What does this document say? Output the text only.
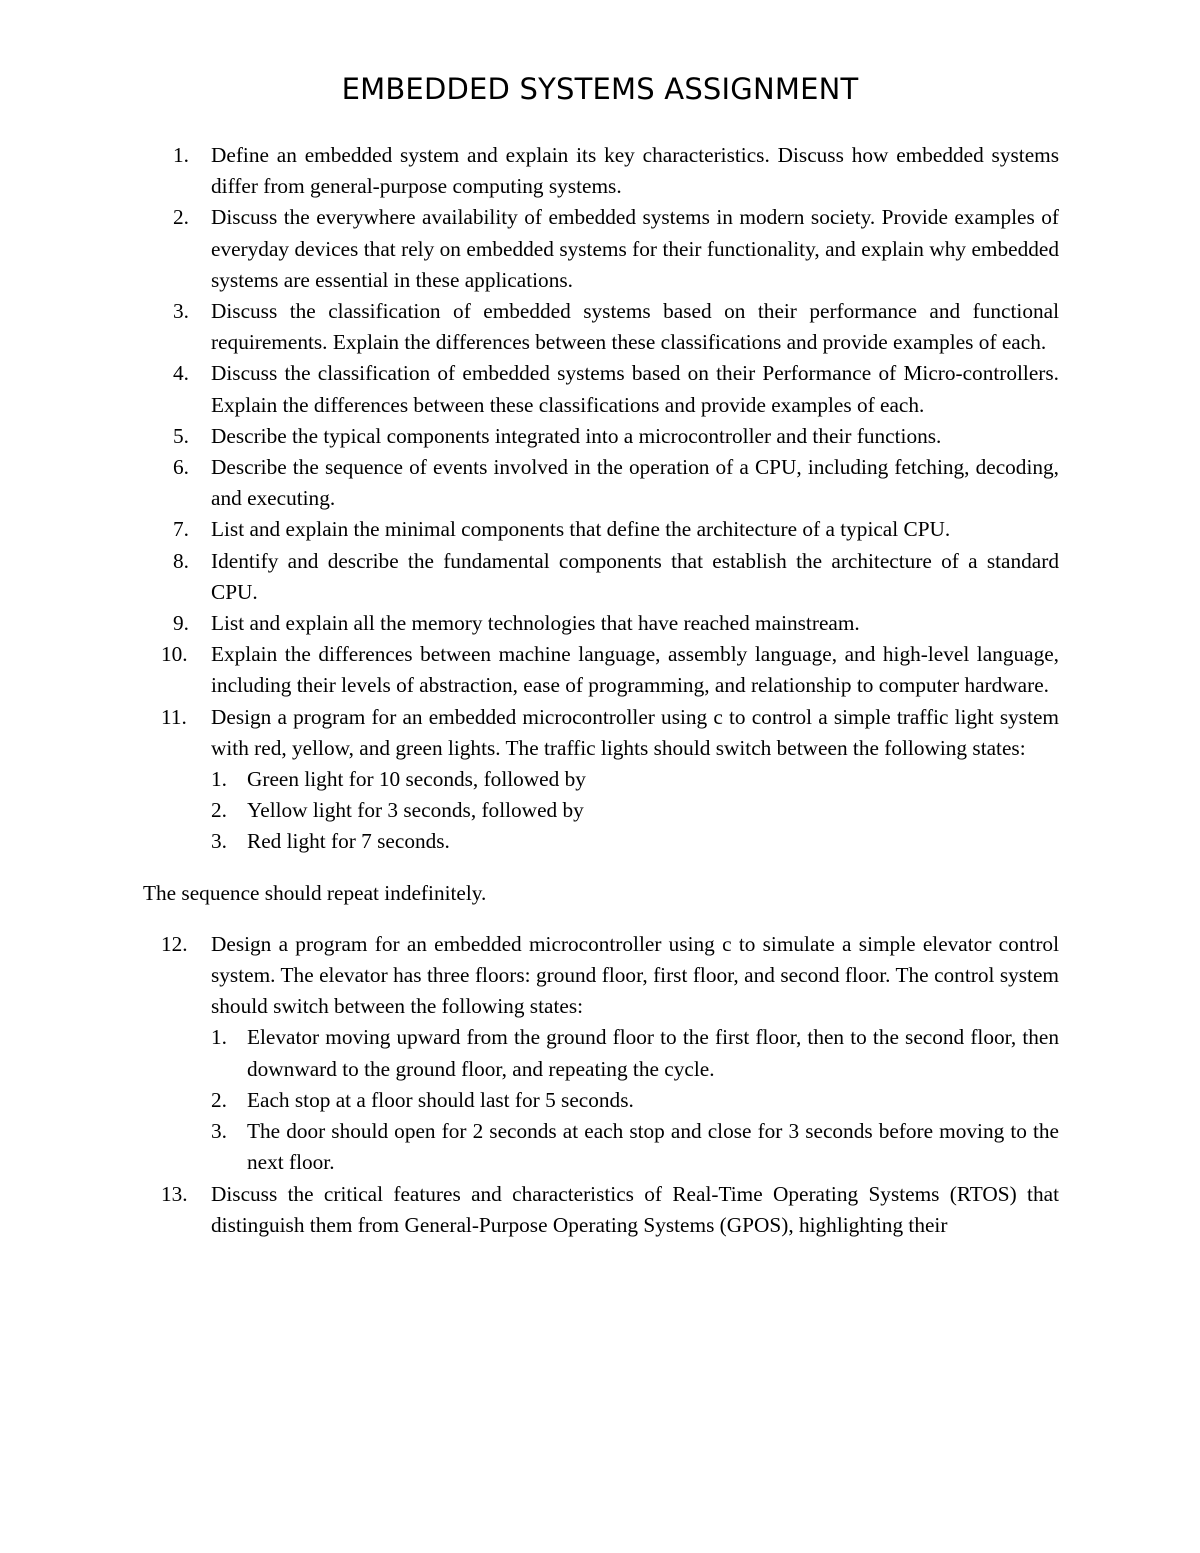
EMBEDDED SYSTEMS ASSIGNMENT
1.	Define an embedded system and explain its key characteristics. Discuss how embedded systems differ from general-purpose computing systems.
2.	Discuss the everywhere availability of embedded systems in modern society. Provide examples of everyday devices that rely on embedded systems for their functionality, and explain why embedded systems are essential in these applications.
3.	Discuss the classification of embedded systems based on their performance and functional requirements. Explain the differences between these classifications and provide examples of each.
4.	Discuss the classification of embedded systems based on their Performance of Micro-controllers. Explain the differences between these classifications and provide examples of each.
5.	Describe the typical components integrated into a microcontroller and their functions.
6.	Describe the sequence of events involved in the operation of a CPU, including fetching, decoding, and executing.
7.	List and explain the minimal components that define the architecture of a typical CPU.
8.	Identify and describe the fundamental components that establish the architecture of a standard CPU.
9.	List and explain all the memory technologies that have reached mainstream.
10.	Explain the differences between machine language, assembly language, and high-level language, including their levels of abstraction, ease of programming, and relationship to computer hardware.
11.	Design a program for an embedded microcontroller using c to control a simple traffic light system with red, yellow, and green lights. The traffic lights should switch between the following states:
1. Green light for 10 seconds, followed by
2. Yellow light for 3 seconds, followed by
3. Red light for 7 seconds.
The sequence should repeat indefinitely.
12.	Design a program for an embedded microcontroller using c to simulate a simple elevator control system. The elevator has three floors: ground floor, first floor, and second floor. The control system should switch between the following states:
1. Elevator moving upward from the ground floor to the first floor, then to the second floor, then downward to the ground floor, and repeating the cycle.
2. Each stop at a floor should last for 5 seconds.
3. The door should open for 2 seconds at each stop and close for 3 seconds before moving to the next floor.
13.	Discuss the critical features and characteristics of Real-Time Operating Systems (RTOS) that distinguish them from General-Purpose Operating Systems (GPOS), highlighting their
